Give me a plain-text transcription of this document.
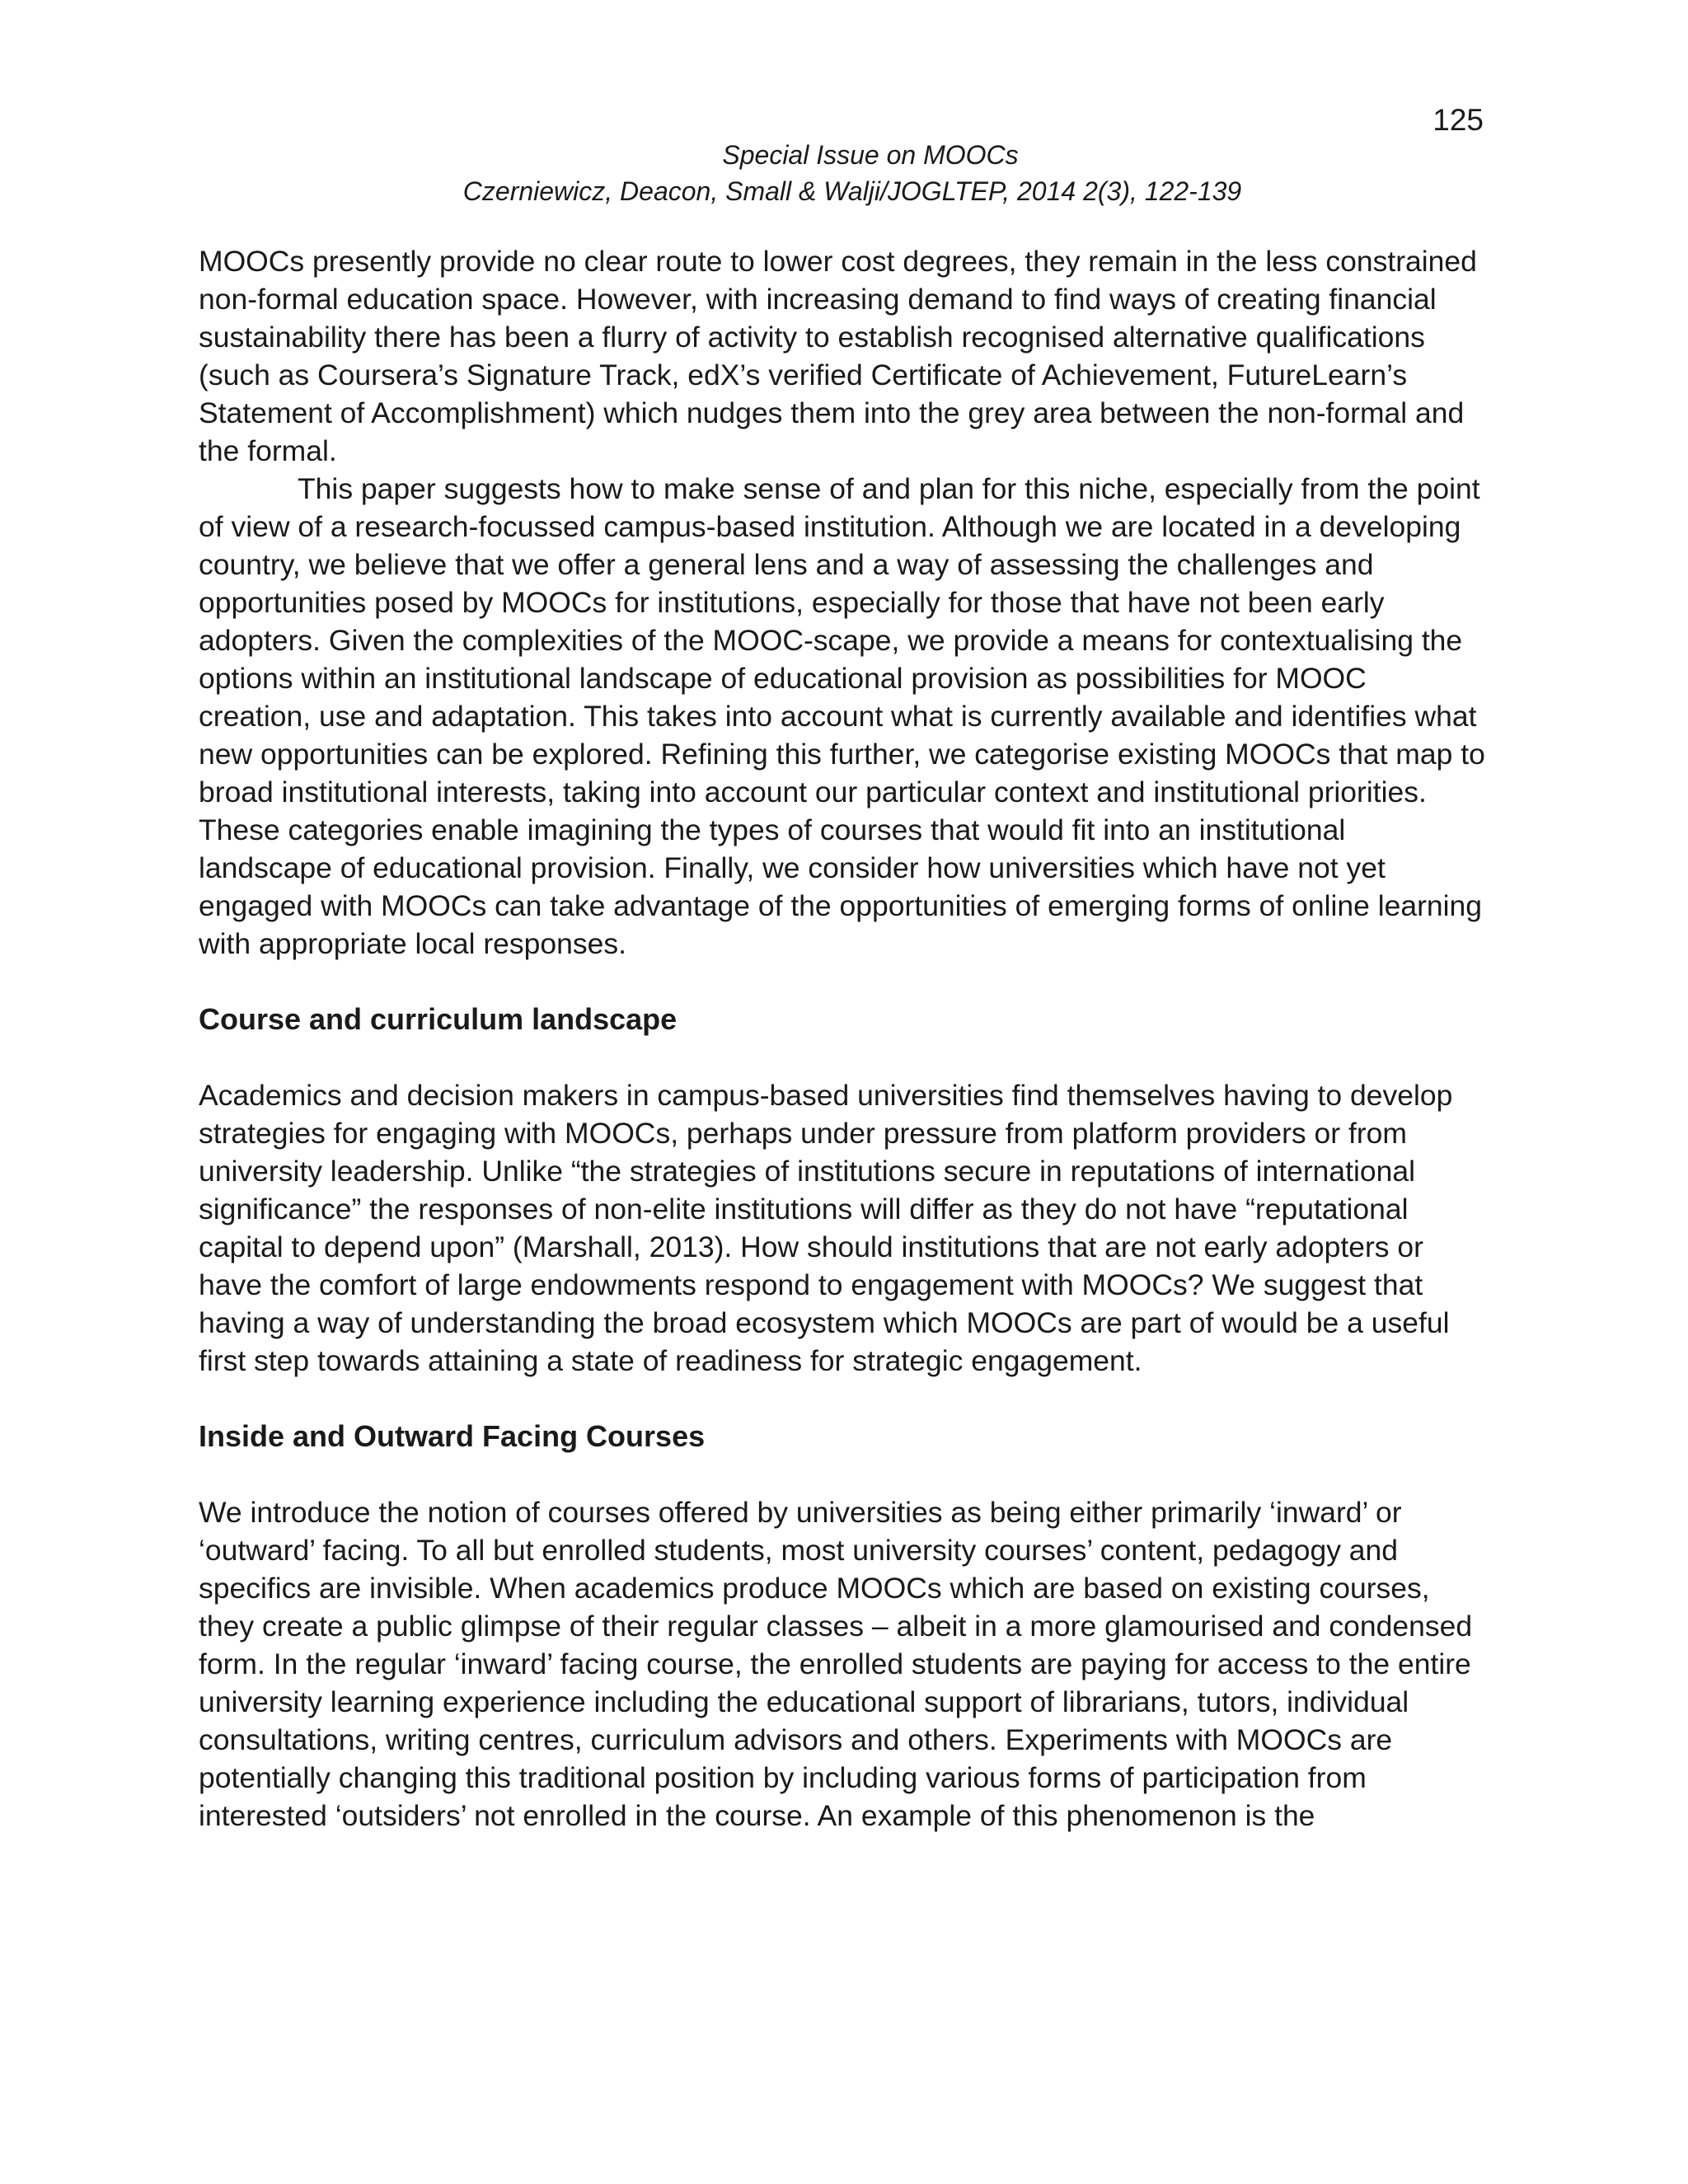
125
Special Issue on MOOCs
Czerniewicz, Deacon, Small & Walji/JOGLTEP, 2014 2(3), 122-139

MOOCs presently provide no clear route to lower cost degrees, they remain in the less constrained non-formal education space. However, with increasing demand to find ways of creating financial sustainability there has been a flurry of activity to establish recognised alternative qualifications (such as Coursera’s Signature Track, edX’s verified Certificate of Achievement, FutureLearn’s Statement of Accomplishment) which nudges them into the grey area between the non-formal and the formal.

This paper suggests how to make sense of and plan for this niche, especially from the point of view of a research-focussed campus-based institution. Although we are located in a developing country, we believe that we offer a general lens and a way of assessing the challenges and opportunities posed by MOOCs for institutions, especially for those that have not been early adopters. Given the complexities of the MOOC-scape, we provide a means for contextualising the options within an institutional landscape of educational provision as possibilities for MOOC creation, use and adaptation. This takes into account what is currently available and identifies what new opportunities can be explored. Refining this further, we categorise existing MOOCs that map to broad institutional interests, taking into account our particular context and institutional priorities. These categories enable imagining the types of courses that would fit into an institutional landscape of educational provision. Finally, we consider how universities which have not yet engaged with MOOCs can take advantage of the opportunities of emerging forms of online learning with appropriate local responses.

Course and curriculum landscape

Academics and decision makers in campus-based universities find themselves having to develop strategies for engaging with MOOCs, perhaps under pressure from platform providers or from university leadership. Unlike “the strategies of institutions secure in reputations of international significance” the responses of non-elite institutions will differ as they do not have “reputational capital to depend upon” (Marshall, 2013). How should institutions that are not early adopters or have the comfort of large endowments respond to engagement with MOOCs? We suggest that having a way of understanding the broad ecosystem which MOOCs are part of would be a useful first step towards attaining a state of readiness for strategic engagement.

Inside and Outward Facing Courses

We introduce the notion of courses offered by universities as being either primarily ‘inward’ or ‘outward’ facing. To all but enrolled students, most university courses’ content, pedagogy and specifics are invisible. When academics produce MOOCs which are based on existing courses, they create a public glimpse of their regular classes – albeit in a more glamourised and condensed form. In the regular ‘inward’ facing course, the enrolled students are paying for access to the entire university learning experience including the educational support of librarians, tutors, individual consultations, writing centres, curriculum advisors and others. Experiments with MOOCs are potentially changing this traditional position by including various forms of participation from interested ‘outsiders’ not enrolled in the course. An example of this phenomenon is the
